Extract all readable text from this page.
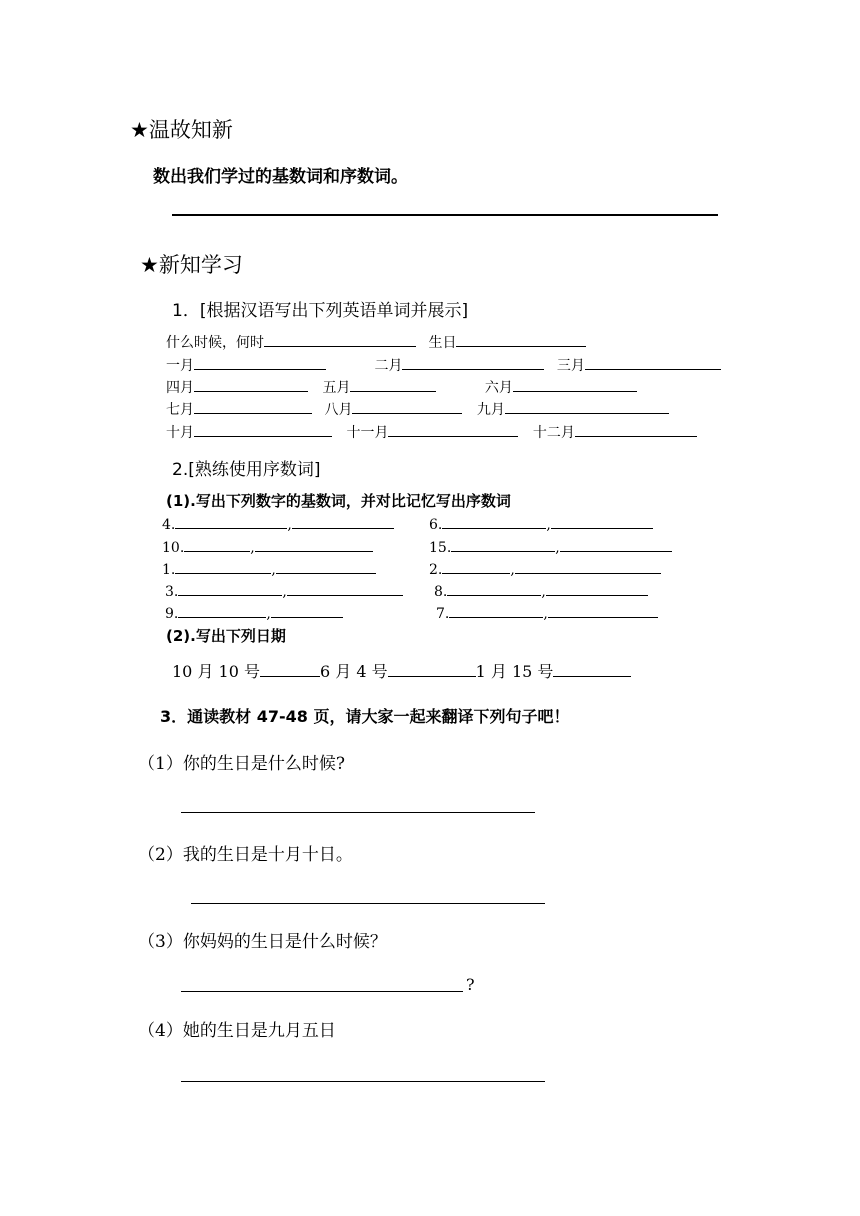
★温故知新
数出我们学过的基数词和序数词。
★新知学习
1．[根据汉语写出下列英语单词并展示]
什么时候，何时	生日
一月	二月	三月
四月	五月	六月
七月	八月	九月
十月	十一月	十二月
2.[熟练使用序数词]
(1).写出下列数字的基数词，并对比记忆写出序数词
4.	,	6.	,
10.	,	15.	,
1.	,	2.	,
3.	,	8.	,
9.	,	7.	,
(2).写出下列日期
10 月 10 号	6 月 4 号	1 月 15 号
3．通读教材 47-48 页，请大家一起来翻译下列句子吧！
（1）你的生日是什么时候?
（2）我的生日是十月十日。
（3）你妈妈的生日是什么时候？
?
（4）她的生日是九月五日
